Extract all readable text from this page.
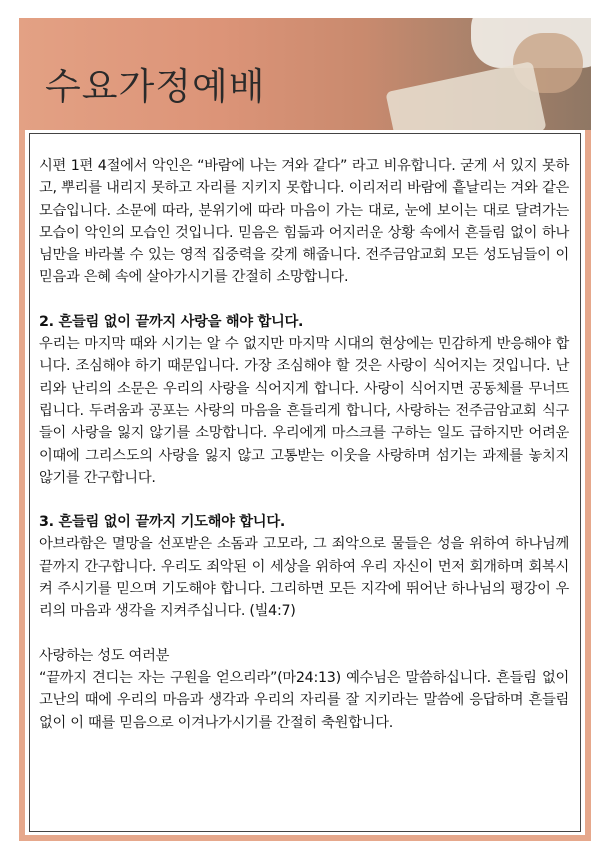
수요가정예배

시편 1편 4절에서 악인은 “바람에 나는 겨와 같다” 라고 비유합니다. 굳게 서 있지 못하고, 뿌리를 내리지 못하고 자리를 지키지 못합니다. 이리저리 바람에 흩날리는 겨와 같은 모습입니다. 소문에 따라, 분위기에 따라 마음이 가는 대로, 눈에 보이는 대로 달려가는 모습이 악인의 모습인 것입니다. 믿음은 힘듦과 어지러운 상황 속에서 흔들림 없이 하나님만을 바라볼 수 있는 영적 집중력을 갖게 해줍니다. 전주금암교회 모든 성도님들이 이 믿음과 은혜 속에 살아가시기를 간절히 소망합니다.

2. 흔들림 없이 끝까지 사랑을 해야 합니다.

우리는 마지막 때와 시기는 알 수 없지만 마지막 시대의 현상에는 민감하게 반응해야 합니다. 조심해야 하기 때문입니다. 가장 조심해야 할 것은 사랑이 식어지는 것입니다. 난리와 난리의 소문은 우리의 사랑을 식어지게 합니다. 사랑이 식어지면 공동체를 무너뜨립니다. 두려움과 공포는 사랑의 마음을 흔들리게 합니다, 사랑하는 전주금암교회 식구들이 사랑을 잃지 않기를 소망합니다. 우리에게 마스크를 구하는 일도 급하지만 어려운 이때에 그리스도의 사랑을 잃지 않고 고통받는 이웃을 사랑하며 섬기는 과제를 놓치지 않기를 간구합니다.

3. 흔들림 없이 끝까지 기도해야 합니다.

아브라함은 멸망을 선포받은 소돔과 고모라, 그 죄악으로 물들은 성을 위하여 하나님께 끝까지 간구합니다. 우리도 죄악된 이 세상을 위하여 우리 자신이 먼저 회개하며 회복시켜 주시기를 믿으며 기도해야 합니다. 그리하면 모든 지각에 뛰어난 하나님의 평강이 우리의 마음과 생각을 지켜주십니다. (빌4:7)

사랑하는 성도 여러분

“끝까지 견디는 자는 구원을 얻으리라”(마24:13) 예수님은 말씀하십니다. 흔들림 없이 고난의 때에 우리의 마음과 생각과 우리의 자리를 잘 지키라는 말씀에 응답하며 흔들림 없이 이 때를 믿음으로 이겨나가시기를 간절히 축원합니다.
